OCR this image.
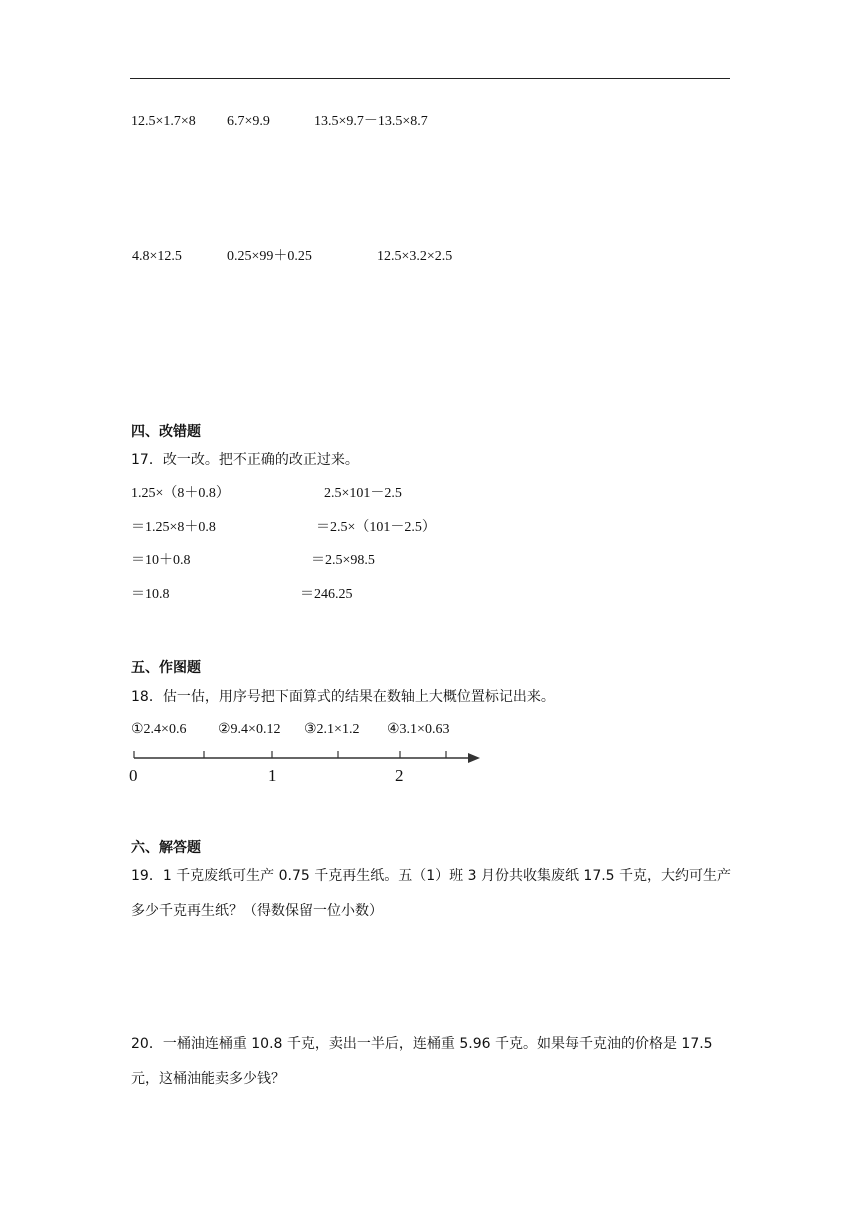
12.5×1.7×8 6.7×9.9	13.5×9.7－13.5×8.7
4.8×12.5	0.25×99＋0.25	12.5×3.2×2.5
四、改错题
17．改一改。把不正确的改正过来。
1.25×（8＋0.8）
＝1.25×8＋0.8
＝10＋0.8
＝10.8
2.5×101－2.5
＝2.5×（101－2.5）
＝2.5×98.5
＝246.25
五、作图题
18．估一估，用序号把下面算式的结果在数轴上大概位置标记出来。
①2.4×0.6 ②9.4×0.12 ③2.1×1.2 ④3.1×0.63
0	1	2
六、解答题
19．1 千克废纸可生产 0.75 千克再生纸。五（1）班 3 月份共收集废纸 17.5 千克，大约可生产多少千克再生纸？（得数保留一位小数）
20．一桶油连桶重 10.8 千克，卖出一半后，连桶重 5.96 千克。如果每千克油的价格是 17.5 元，这桶油能卖多少钱？
